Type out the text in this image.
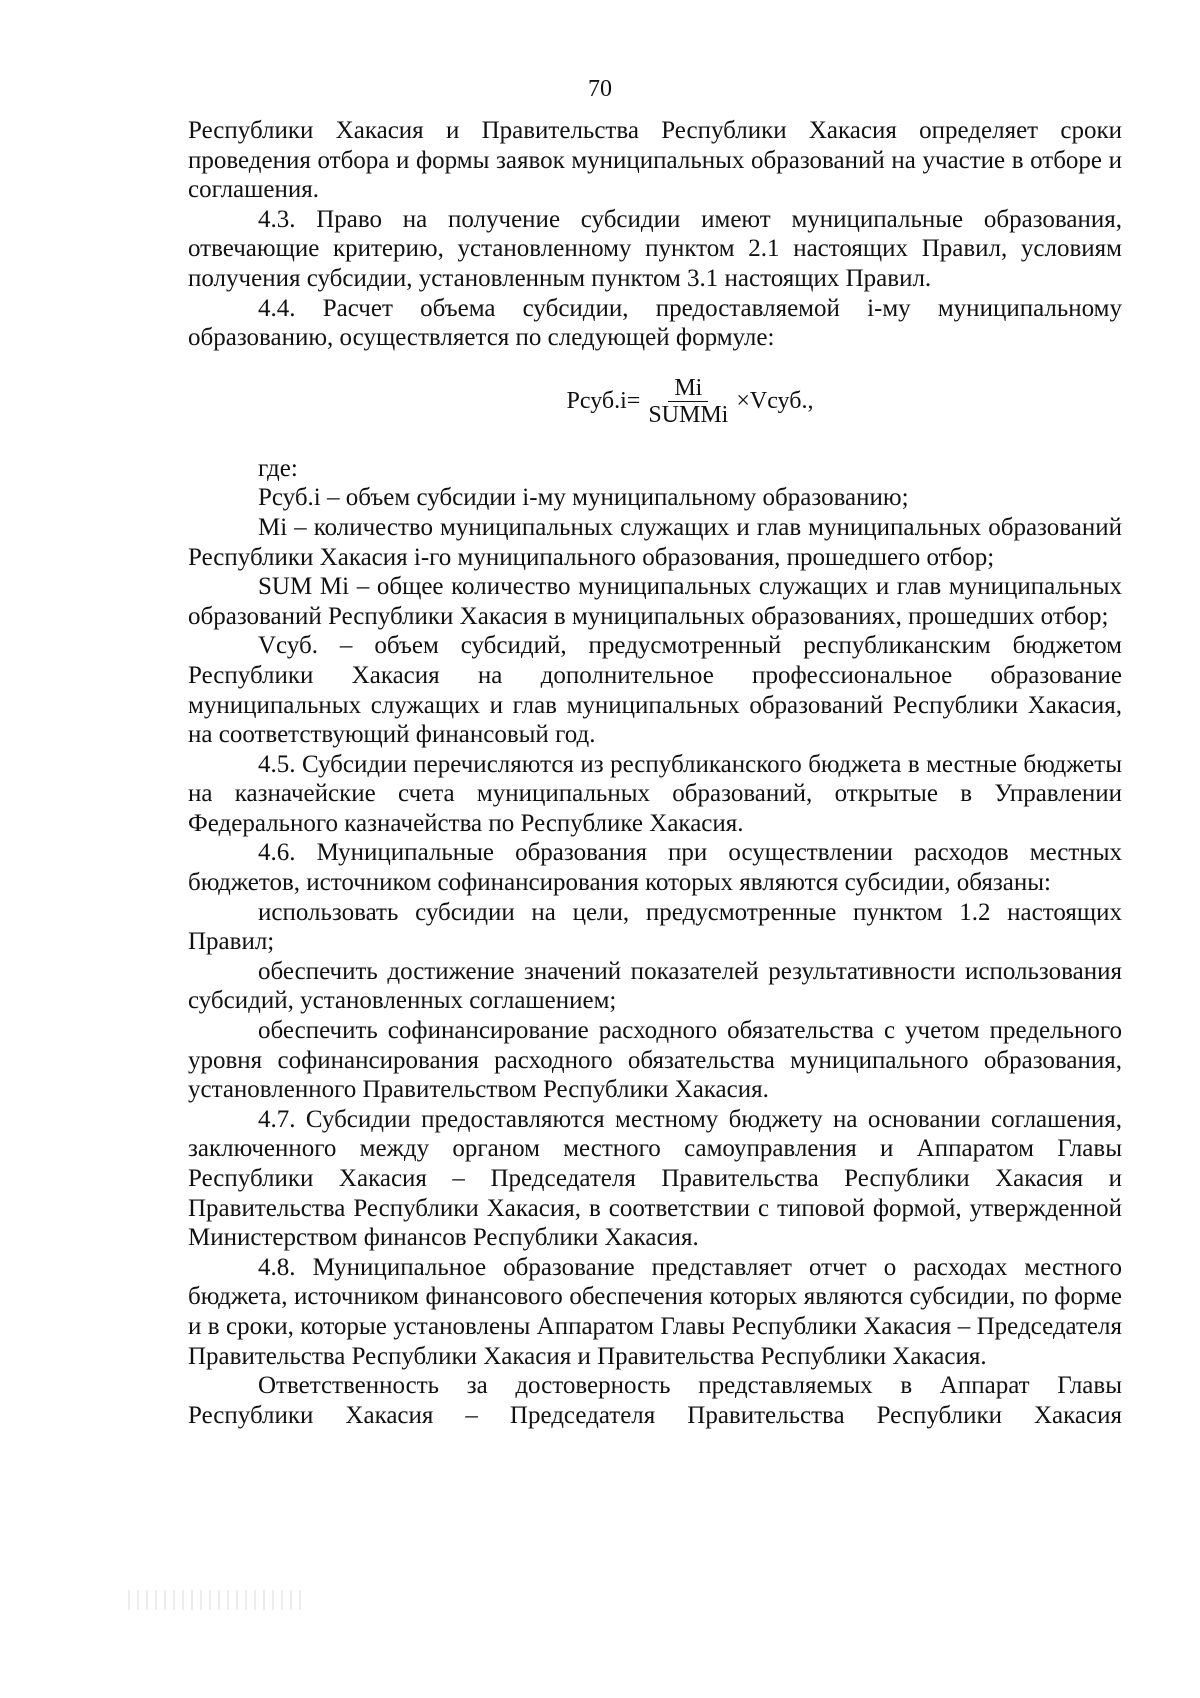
70

Республики Хакасия и Правительства Республики Хакасия определяет сроки проведения отбора и формы заявок муниципальных образований на участие в отборе и соглашения.

4.3. Право на получение субсидии имеют муниципальные образования, отвечающие критерию, установленному пунктом 2.1 настоящих Правил, условиям получения субсидии, установленным пунктом 3.1 настоящих Правил.

4.4. Расчет объема субсидии, предоставляемой i-му муниципальному образованию, осуществляется по следующей формуле:

Рсуб.i= $\frac{Mi}{\text{SUMMi}}$ ×Vсуб.,

где:

Рсуб.i – объем субсидии i-му муниципальному образованию;

Mi – количество муниципальных служащих и глав муниципальных образований Республики Хакасия i-го муниципального образования, прошедшего отбор;

SUM Mi – общее количество муниципальных служащих и глав муниципальных образований Республики Хакасия в муниципальных образованиях, прошедших отбор;

Vсуб. – объем субсидий, предусмотренный республиканским бюджетом Республики Хакасия на дополнительное профессиональное образование муниципальных служащих и глав муниципальных образований Республики Хакасия, на соответствующий финансовый год.

4.5. Субсидии перечисляются из республиканского бюджета в местные бюджеты на казначейские счета муниципальных образований, открытые в Управлении Федерального казначейства по Республике Хакасия.

4.6. Муниципальные образования при осуществлении расходов местных бюджетов, источником софинансирования которых являются субсидии, обязаны:

использовать субсидии на цели, предусмотренные пунктом 1.2 настоящих Правил;

обеспечить достижение значений показателей результативности использования субсидий, установленных соглашением;

обеспечить софинансирование расходного обязательства с учетом предельного уровня софинансирования расходного обязательства муниципального образования, установленного Правительством Республики Хакасия.

4.7. Субсидии предоставляются местному бюджету на основании соглашения, заключенного между органом местного самоуправления и Аппаратом Главы Республики Хакасия – Председателя Правительства Республики Хакасия и Правительства Республики Хакасия, в соответствии с типовой формой, утвержденной Министерством финансов Республики Хакасия.

4.8. Муниципальное образование представляет отчет о расходах местного бюджета, источником финансового обеспечения которых являются субсидии, по форме и в сроки, которые установлены Аппаратом Главы Республики Хакасия – Председателя Правительства Республики Хакасия и Правительства Республики Хакасия.

Ответственность за достоверность представляемых в Аппарат Главы Республики Хакасия – Председателя Правительства Республики Хакасия
